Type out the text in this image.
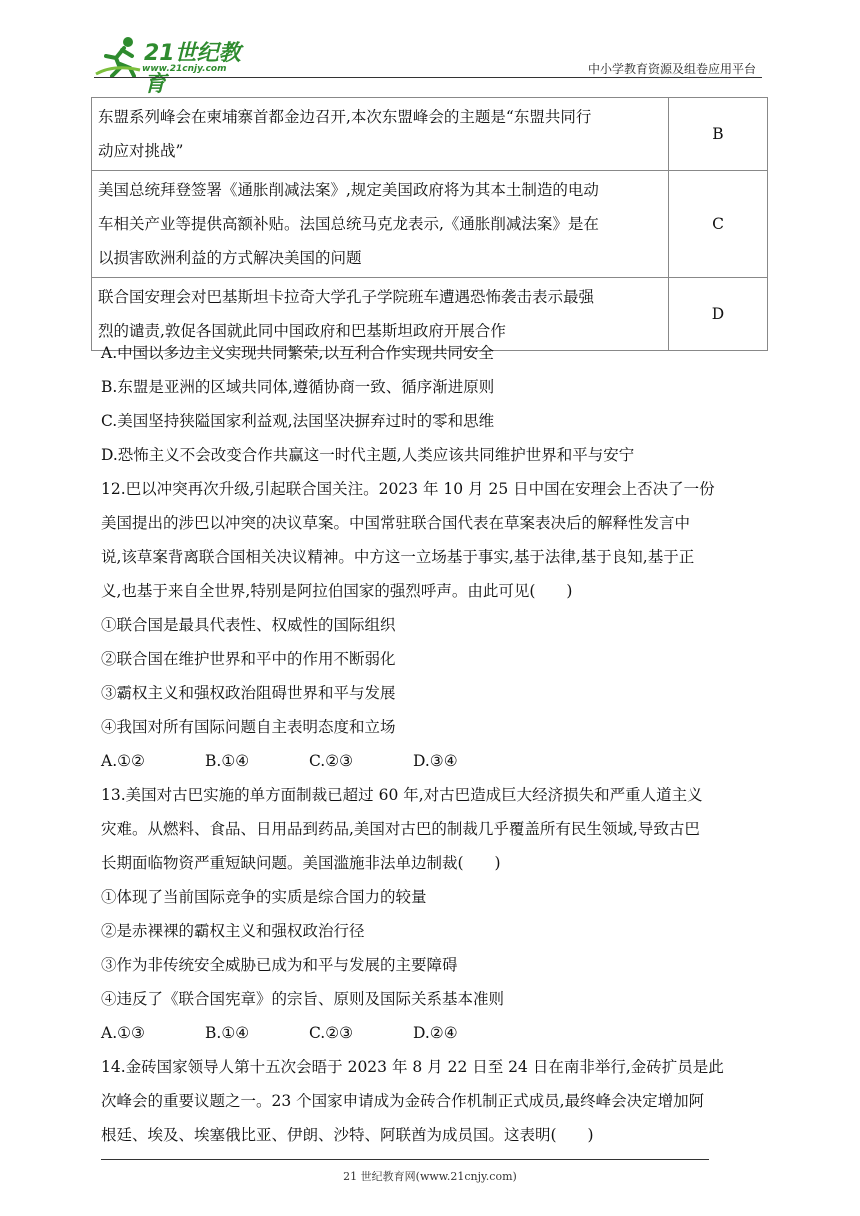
21世纪教育
www.21cnjy.com	中小学教育资源及组卷应用平台
东盟系列峰会在柬埔寨首都金边召开,本次东盟峰会的主题是“东盟共同行
动应对挑战”	B

美国总统拜登签署《通胀削减法案》,规定美国政府将为其本土制造的电动
车相关产业等提供高额补贴。法国总统马克龙表示,《通胀削减法案》是在
以损害欧洲利益的方式解决美国的问题	C

联合国安理会对巴基斯坦卡拉奇大学孔子学院班车遭遇恐怖袭击表示最强
烈的谴责,敦促各国就此同中国政府和巴基斯坦政府开展合作	D
A.中国以多边主义实现共同繁荣,以互利合作实现共同安全
B.东盟是亚洲的区域共同体,遵循协商一致、循序渐进原则
C.美国坚持狭隘国家利益观,法国坚决摒弃过时的零和思维
D.恐怖主义不会改变合作共赢这一时代主题,人类应该共同维护世界和平与安宁
12.巴以冲突再次升级,引起联合国关注。2023 年 10 月 25 日中国在安理会上否决了一份
美国提出的涉巴以冲突的决议草案。中国常驻联合国代表在草案表决后的解释性发言中
说,该草案背离联合国相关决议精神。中方这一立场基于事实,基于法律,基于良知,基于正
义,也基于来自全世界,特别是阿拉伯国家的强烈呼声。由此可见(　　)
①联合国是最具代表性、权威性的国际组织
②联合国在维护世界和平中的作用不断弱化
③霸权主义和强权政治阻碍世界和平与发展
④我国对所有国际问题自主表明态度和立场
A.①②	B.①④	C.②③	D.③④
13.美国对古巴实施的单方面制裁已超过 60 年,对古巴造成巨大经济损失和严重人道主义
灾难。从燃料、食品、日用品到药品,美国对古巴的制裁几乎覆盖所有民生领域,导致古巴
长期面临物资严重短缺问题。美国滥施非法单边制裁(　　)
①体现了当前国际竞争的实质是综合国力的较量
②是赤裸裸的霸权主义和强权政治行径
③作为非传统安全威胁已成为和平与发展的主要障碍
④违反了《联合国宪章》的宗旨、原则及国际关系基本准则
A.①③	B.①④	C.②③	D.②④
14.金砖国家领导人第十五次会晤于 2023 年 8 月 22 日至 24 日在南非举行,金砖扩员是此
次峰会的重要议题之一。23 个国家申请成为金砖合作机制正式成员,最终峰会决定增加阿
根廷、埃及、埃塞俄比亚、伊朗、沙特、阿联酋为成员国。这表明(　　)
21 世纪教育网(www.21cnjy.com)
